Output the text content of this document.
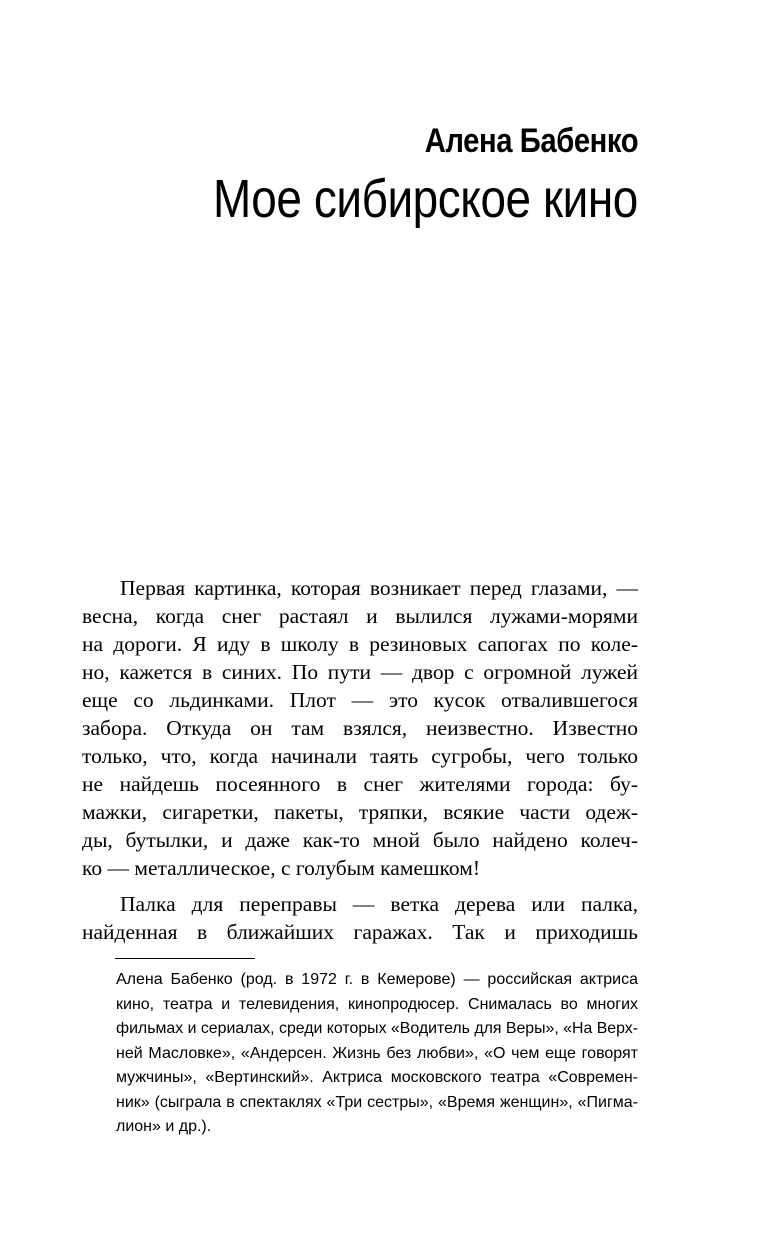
Алена Бабенко
Мое сибирское кино
Первая картинка, которая возникает перед глазами, —
весна, когда снег растаял и вылился лужами-морями
на дороги. Я иду в школу в резиновых сапогах по коле-
но, кажется в синих. По пути — двор с огромной лужей
еще со льдинками. Плот — это кусок отвалившегося
забора. Откуда он там взялся, неизвестно. Известно
только, что, когда начинали таять сугробы, чего только
не найдешь посеянного в снег жителями города: бу-
мажки, сигаретки, пакеты, тряпки, всякие части одеж-
ды, бутылки, и даже как-то мной было найдено колеч-
ко — металлическое, с голубым камешком!
Палка для переправы — ветка дерева или палка,
найденная в ближайших гаражах. Так и приходишь
Алена Бабенко (род. в 1972 г. в Кемерове) — российская актриса
кино, театра и телевидения, кинопродюсер. Снималась во многих
фильмах и сериалах, среди которых «Водитель для Веры», «На Верх-
ней Масловке», «Андерсен. Жизнь без любви», «О чем еще говорят
мужчины», «Вертинский». Актриса московского театра «Современ-
ник» (сыграла в спектаклях «Три сестры», «Время женщин», «Пигма-
лион» и др.).
